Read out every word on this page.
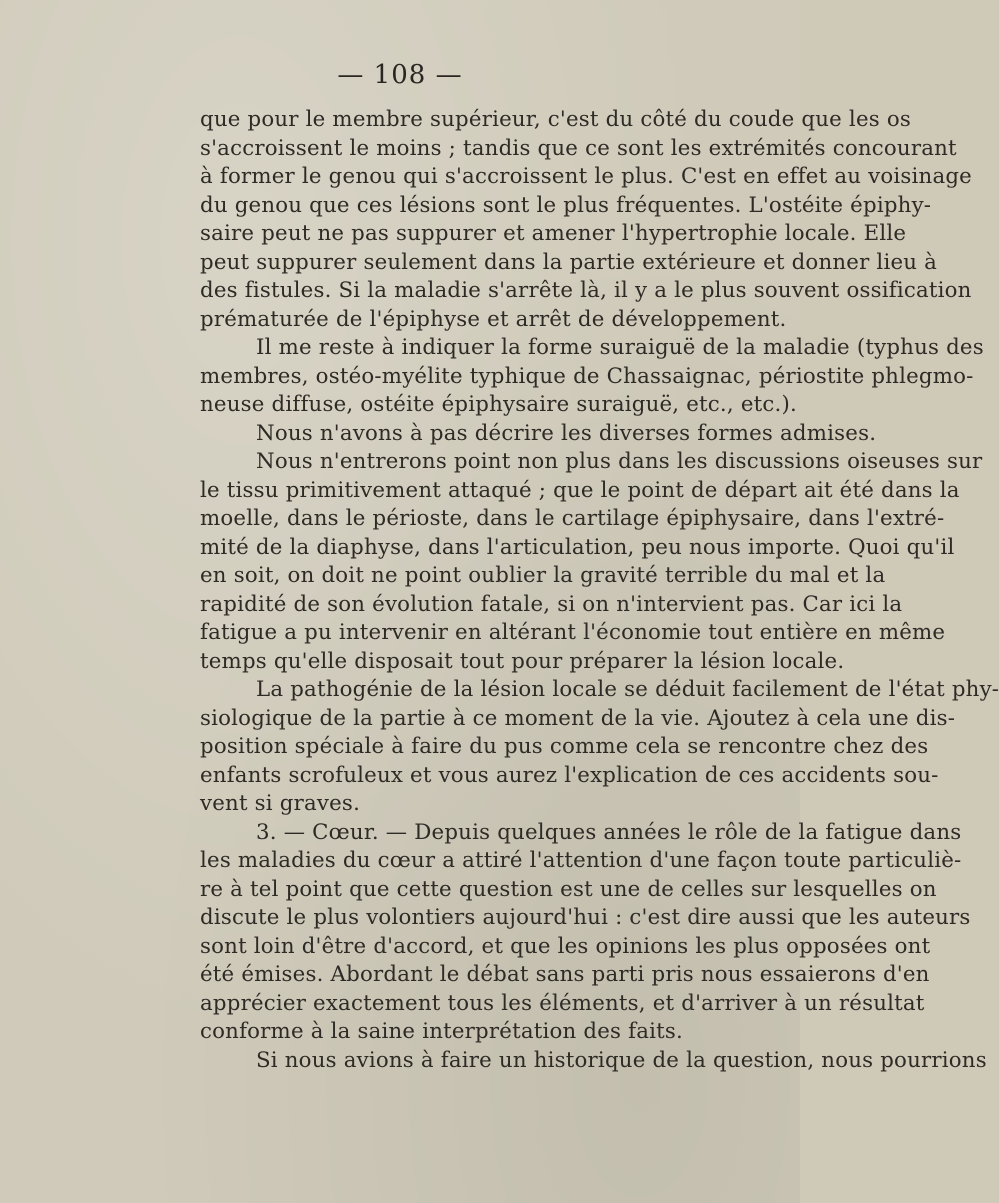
— 108 —
que pour le membre supérieur, c'est du côté du coude que les os
s'accroissent le moins ; tandis que ce sont les extrémités concourant
à former le genou qui s'accroissent le plus. C'est en effet au voisinage
du genou que ces lésions sont le plus fréquentes. L'ostéite épiphy-
saire peut ne pas suppurer et amener l'hypertrophie locale. Elle
peut suppurer seulement dans la partie extérieure et donner lieu à
des fistules. Si la maladie s'arrête là, il y a le plus souvent ossification
prématurée de l'épiphyse et arrêt de développement.
Il me reste à indiquer la forme suraiguë de la maladie (typhus des
membres, ostéo-myélite typhique de Chassaignac, périostite phlegmo-
neuse diffuse, ostéite épiphysaire suraiguë, etc., etc.).
Nous n'avons à pas décrire les diverses formes admises.
Nous n'entrerons point non plus dans les discussions oiseuses sur
le tissu primitivement attaqué ; que le point de départ ait été dans la
moelle, dans le périoste, dans le cartilage épiphysaire, dans l'extré-
mité de la diaphyse, dans l'articulation, peu nous importe. Quoi qu'il
en soit, on doit ne point oublier la gravité terrible du mal et la
rapidité de son évolution fatale, si on n'intervient pas. Car ici la
fatigue a pu intervenir en altérant l'économie tout entière en même
temps qu'elle disposait tout pour préparer la lésion locale.
La pathogénie de la lésion locale se déduit facilement de l'état phy-
siologique de la partie à ce moment de la vie. Ajoutez à cela une dis-
position spéciale à faire du pus comme cela se rencontre chez des
enfants scrofuleux et vous aurez l'explication de ces accidents sou-
vent si graves.
3. — Cœur. — Depuis quelques années le rôle de la fatigue dans
les maladies du cœur a attiré l'attention d'une façon toute particuliè-
re à tel point que cette question est une de celles sur lesquelles on
discute le plus volontiers aujourd'hui : c'est dire aussi que les auteurs
sont loin d'être d'accord, et que les opinions les plus opposées ont
été émises. Abordant le débat sans parti pris nous essaierons d'en
apprécier exactement tous les éléments, et d'arriver à un résultat
conforme à la saine interprétation des faits.
Si nous avions à faire un historique de la question, nous pourrions
